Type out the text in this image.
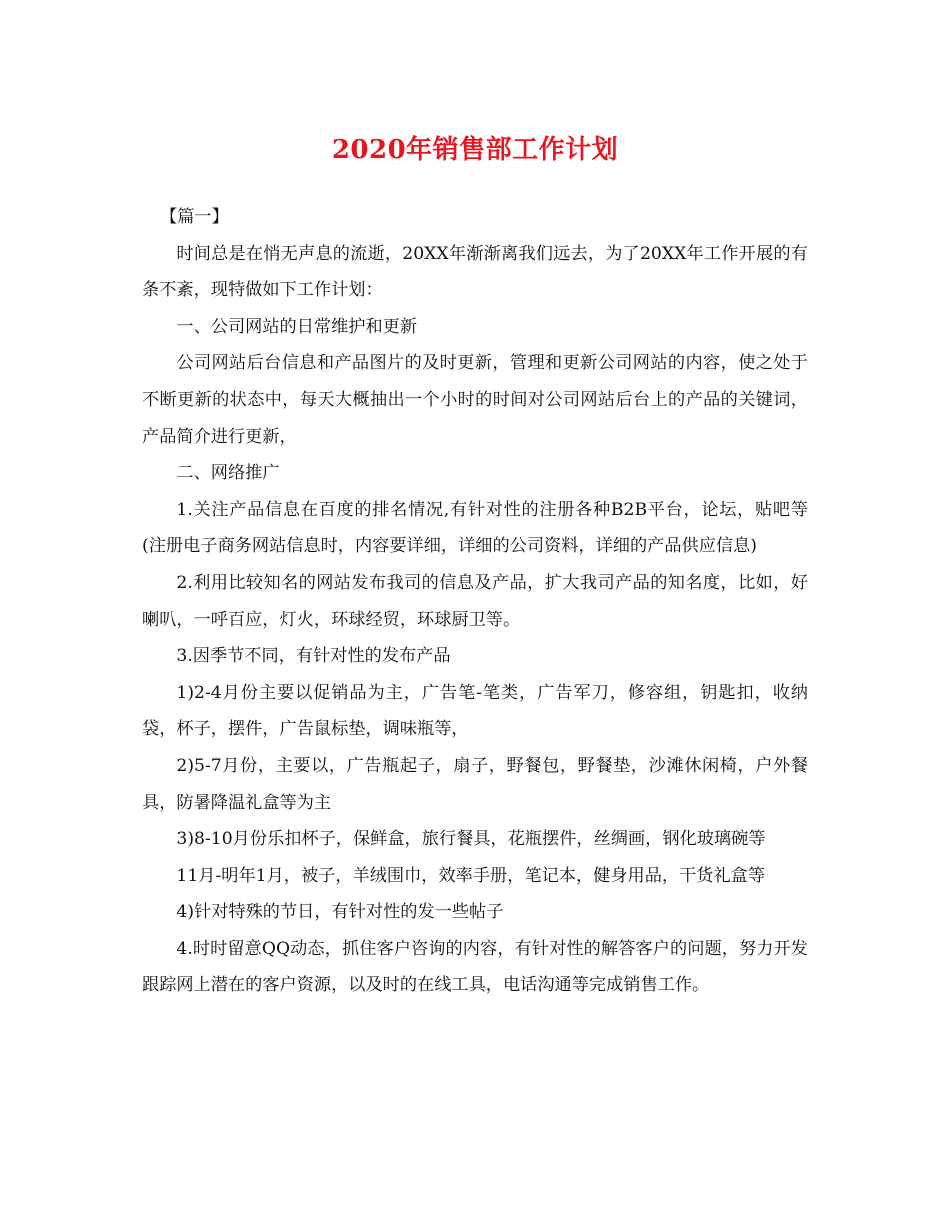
2020年销售部工作计划

【篇一】

时间总是在悄无声息的流逝，20XX年渐渐离我们远去，为了20XX年工作开展的有条不紊，现特做如下工作计划：

一、公司网站的日常维护和更新

公司网站后台信息和产品图片的及时更新，管理和更新公司网站的内容，使之处于不断更新的状态中，每天大概抽出一个小时的时间对公司网站后台上的产品的关键词，产品简介进行更新，

二、网络推广

1.关注产品信息在百度的排名情况,有针对性的注册各种B2B平台，论坛，贴吧等(注册电子商务网站信息时，内容要详细，详细的公司资料，详细的产品供应信息)

2.利用比较知名的网站发布我司的信息及产品，扩大我司产品的知名度，比如，好喇叭，一呼百应，灯火，环球经贸，环球厨卫等。

3.因季节不同，有针对性的发布产品

1)2-4月份主要以促销品为主，广告笔-笔类，广告军刀，修容组，钥匙扣，收纳袋，杯子，摆件，广告鼠标垫，调味瓶等，

2)5-7月份，主要以，广告瓶起子，扇子，野餐包，野餐垫，沙滩休闲椅，户外餐具，防暑降温礼盒等为主

3)8-10月份乐扣杯子，保鲜盒，旅行餐具，花瓶摆件，丝绸画，钢化玻璃碗等

11月-明年1月，被子，羊绒围巾，效率手册，笔记本，健身用品，干货礼盒等

4)针对特殊的节日，有针对性的发一些帖子

4.时时留意QQ动态，抓住客户咨询的内容，有针对性的解答客户的问题，努力开发跟踪网上潜在的客户资源，以及时的在线工具，电话沟通等完成销售工作。
